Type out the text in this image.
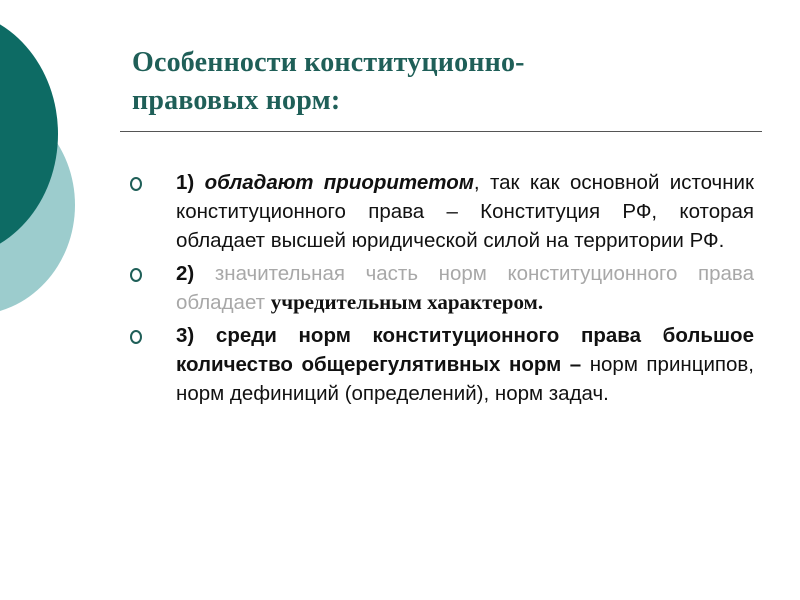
Особенности конституционно-
правовых норм:
1) обладают приоритетом, так как основной источник конституционного права – Конституция РФ, которая обладает высшей юридической силой на территории РФ.
2) значительная часть норм конституционного права обладает учредительным характером.
3) среди норм конституционного права большое количество общерегулятивных норм – норм принципов, норм дефиниций (определений), норм задач.
